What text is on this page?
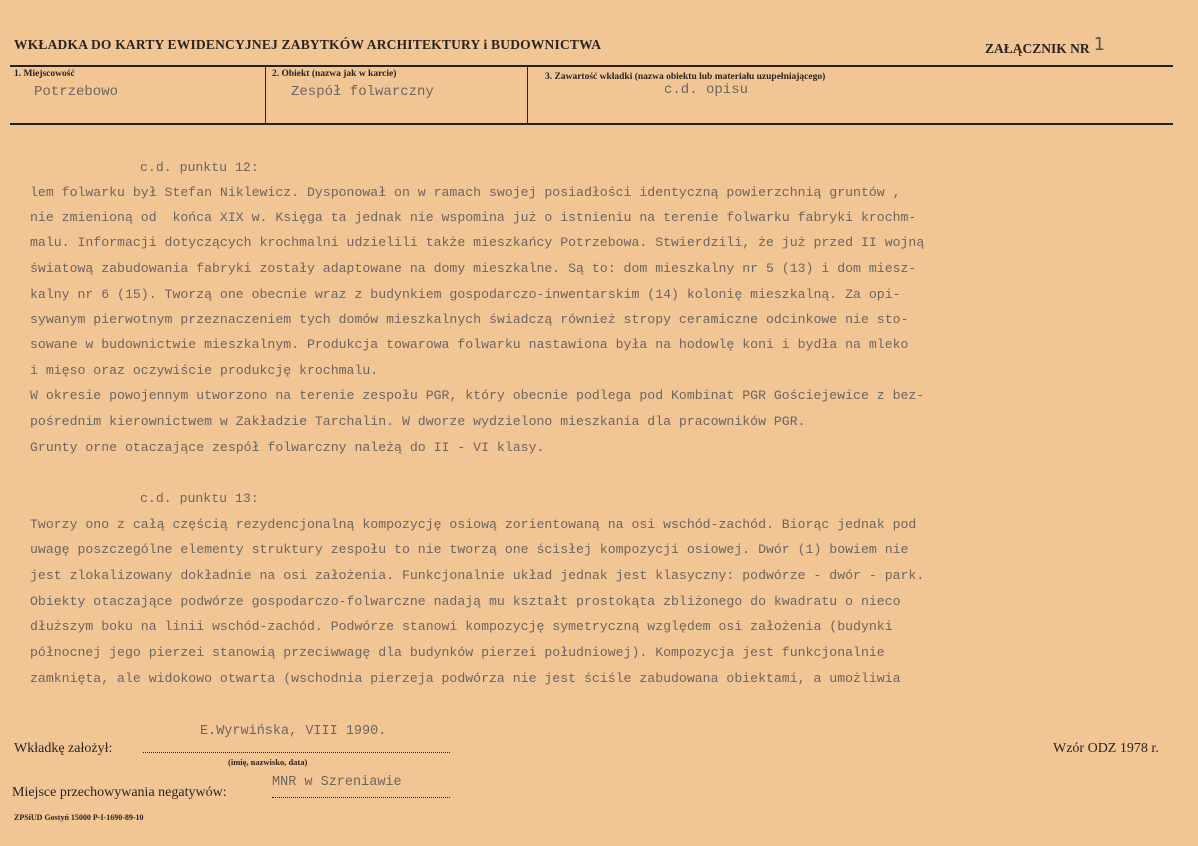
WKŁADKA DO KARTY EWIDENCYJNEJ ZABYTKÓW ARCHITEKTURY i BUDOWNICTWA	ZAŁĄCZNIK NR 1
1. Miejscowość
Potrzebowo
2. Obiekt (nazwa jak w karcie)
Zespół folwarczny
3. Zawartość wkładki (nazwa obiektu lub materiału uzupełniającego)
c.d. opisu
c.d. punktu 12:
lem folwarku był Stefan Niklewicz. Dysponował on w ramach swojej posiadłości identyczną powierzchnią gruntów ,
nie zmienioną od  końca XIX w. Księga ta jednak nie wspomina już o istnieniu na terenie folwarku fabryki krochm-
malu. Informacji dotyczących krochmalni udzielili także mieszkańcy Potrzebowa. Stwierdzili, że już przed II wojną
światową zabudowania fabryki zostały adaptowane na domy mieszkalne. Są to: dom mieszkalny nr 5 (13) i dom miesz-
kalny nr 6 (15). Tworzą one obecnie wraz z budynkiem gospodarczo-inwentarskim (14) kolonię mieszkalną. Za opi-
sywanym pierwotnym przeznaczeniem tych domów mieszkalnych świadczą również stropy ceramiczne odcinkowe nie sto-
sowane w budownictwie mieszkalnym. Produkcja towarowa folwarku nastawiona była na hodowlę koni i bydła na mleko
i mięso oraz oczywiście produkcję krochmalu.
W okresie powojennym utworzono na terenie zespołu PGR, który obecnie podlega pod Kombinat PGR Gościejewice z bez-
pośrednim kierownictwem w Zakładzie Tarchalin. W dworze wydzielono mieszkania dla pracowników PGR.
Grunty orne otaczające zespół folwarczny należą do II - VI klasy.
c.d. punktu 13:
Tworzy ono z całą częścią rezydencjonalną kompozycję osiową zorientowaną na osi wschód-zachód. Biorąc jednak pod
uwagę poszczególne elementy struktury zespołu to nie tworzą one ścisłej kompozycji osiowej. Dwór (1) bowiem nie
jest zlokalizowany dokładnie na osi założenia. Funkcjonalnie układ jednak jest klasyczny: podwórze - dwór - park.
Obiekty otaczające podwórze gospodarczo-folwarczne nadają mu kształt prostokąta zbliżonego do kwadratu o nieco
dłuższym boku na linii wschód-zachód. Podwórze stanowi kompozycję symetryczną względem osi założenia (budynki
północnej jego pierzei stanowią przeciwwagę dla budynków pierzei południowej). Kompozycja jest funkcjonalnie
zamknięta, ale widokowo otwarta (wschodnia pierzeja podwórza nie jest ściśle zabudowana obiektami, a umożliwia
E.Wyrwińska, VIII 1990.
Wkładkę założył:
(imię, nazwisko, data)
Wzór ODZ 1978 r.
MNR w Szreniawie
Miejsce przechowywania negatywów:
ZPSiUD Gostyń 15000 P-I-1690-89-10
